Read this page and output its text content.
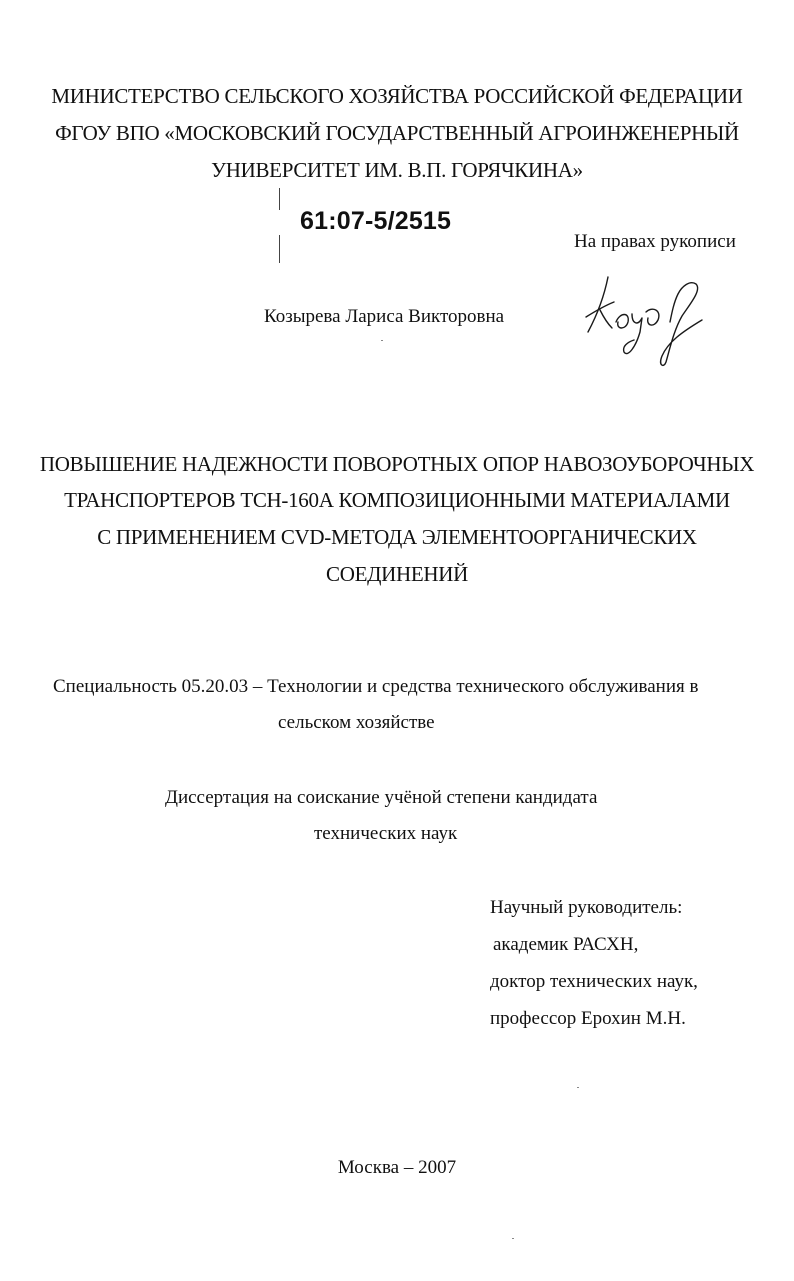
МИНИСТЕРСТВО СЕЛЬСКОГО ХОЗЯЙСТВА РОССИЙСКОЙ ФЕДЕРАЦИИ

ФГОУ ВПО «МОСКОВСКИЙ ГОСУДАРСТВЕННЫЙ АГРОИНЖЕНЕРНЫЙ

УНИВЕРСИТЕТ ИМ. В.П. ГОРЯЧКИНА»

61:07-5/2515

На правах рукописи

Козырева Лариса Викторовна

ПОВЫШЕНИЕ НАДЕЖНОСТИ ПОВОРОТНЫХ ОПОР НАВОЗОУБОРОЧНЫХ

ТРАНСПОРТЕРОВ ТСН-160А КОМПОЗИЦИОННЫМИ МАТЕРИАЛАМИ

С ПРИМЕНЕНИЕМ CVD-МЕТОДА ЭЛЕМЕНТООРГАНИЧЕСКИХ

СОЕДИНЕНИЙ

Специальность 05.20.03 – Технологии и средства технического обслуживания в

сельском хозяйстве

Диссертация на соискание учёной степени кандидата

технических наук

Научный руководитель:

академик РАСХН,

доктор технических наук,

профессор Ерохин М.Н.

Москва – 2007
